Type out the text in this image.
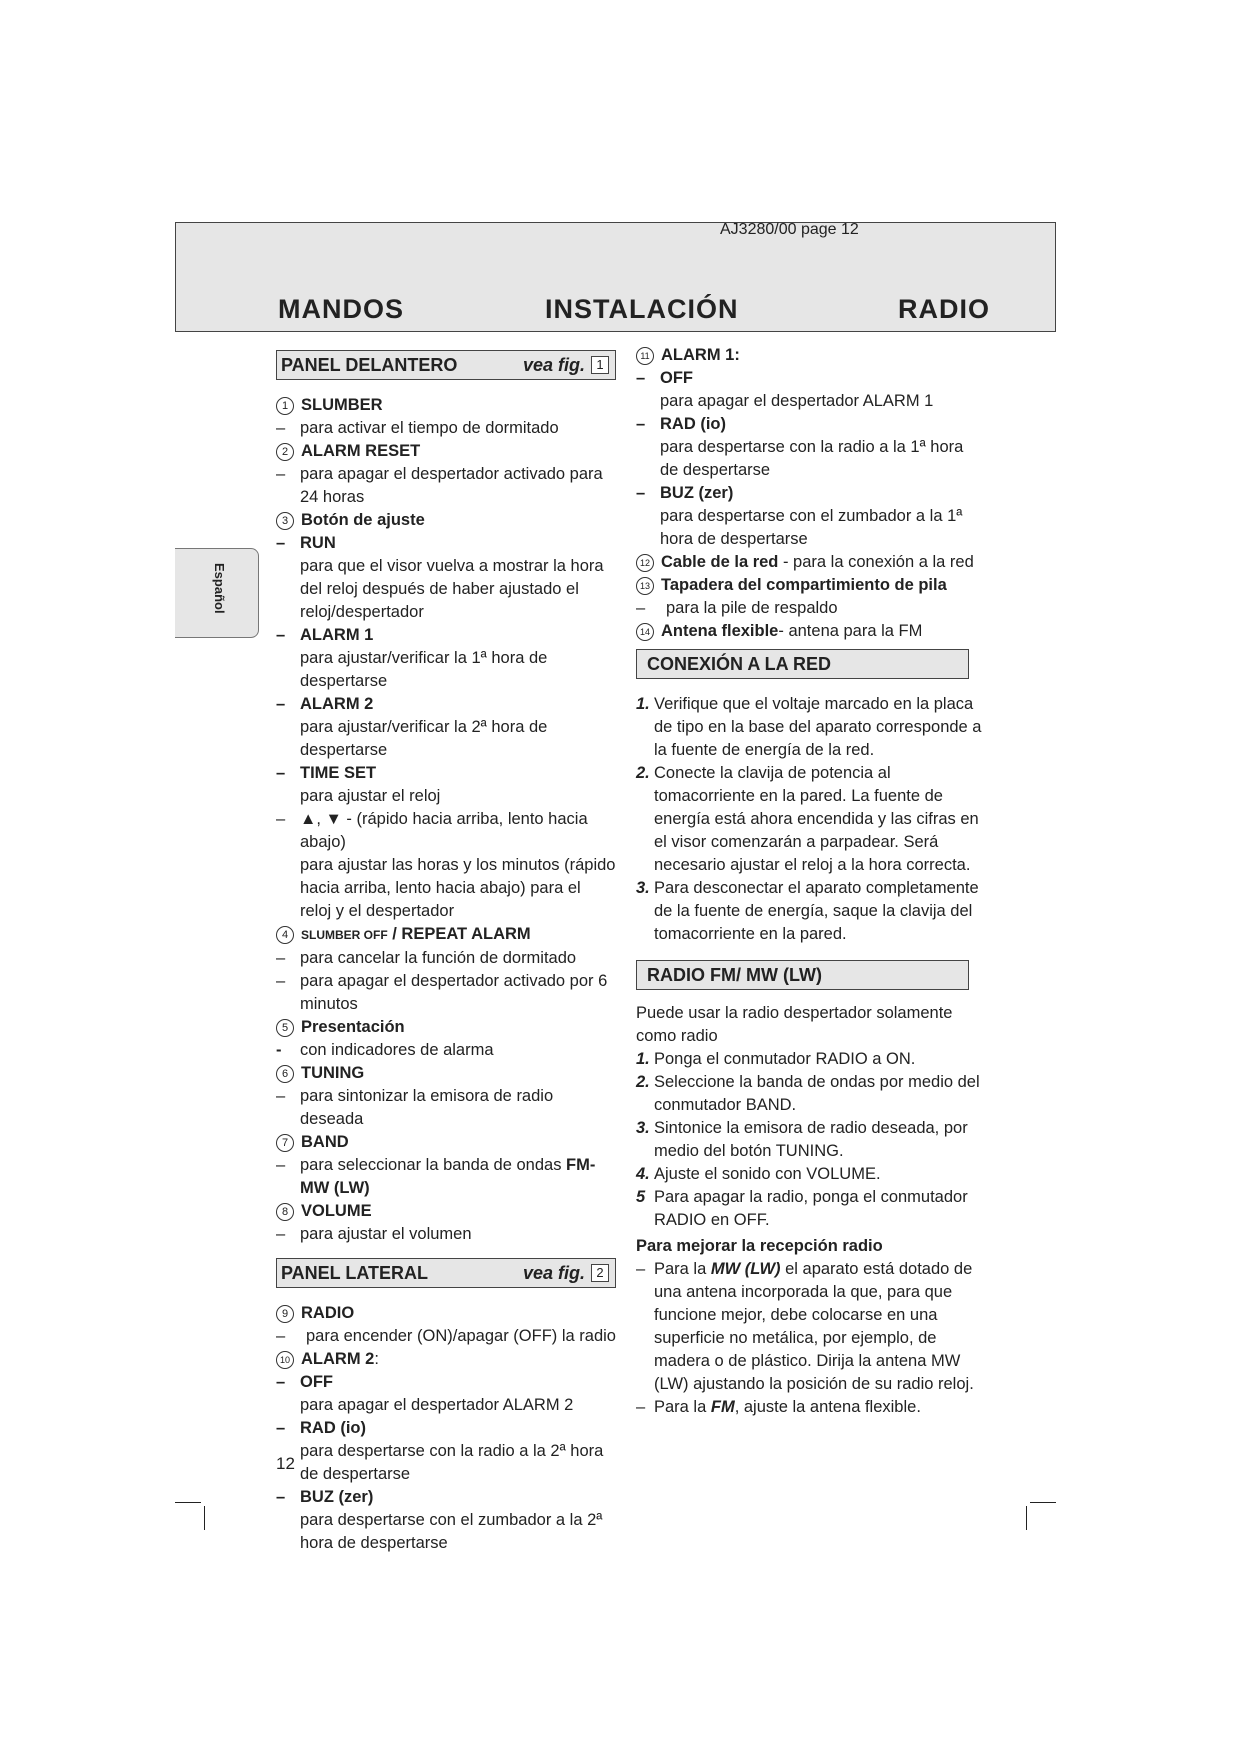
AJ3280/00 page 12
MANDOS	INSTALACIÓN	RADIO
Español
PANEL DELANTERO	vea fig. 1
1 SLUMBER
– para activar el tiempo de dormitado
2 ALARM RESET
– para apagar el despertador activado para 24 horas
3 Botón de ajuste
– RUN
para que el visor vuelva a mostrar la hora del reloj después de haber ajustado el reloj/despertador
– ALARM 1
para ajustar/verificar la 1ª hora de despertarse
– ALARM 2
para ajustar/verificar la 2ª hora de despertarse
– TIME SET
para ajustar el reloj
– ▲, ▼ - (rápido hacia arriba, lento hacia abajo)
para ajustar las horas y los minutos (rápido hacia arriba, lento hacia abajo) para el reloj y el despertador
4	SLUMBER OFF / REPEAT ALARM
– para cancelar la función de dormitado
– para apagar el despertador activado por 6 minutos
5 Presentación
- con indicadores de alarma
6 TUNING
– para sintonizar la emisora de radio deseada
7 BAND
– para seleccionar la banda de ondas FM-MW (LW)
8 VOLUME
– para ajustar el volumen
PANEL LATERAL	vea fig. 2
9 RADIO
– para encender (ON)/apagar (OFF) la radio
10 ALARM 2 :
– OFF
para apagar el despertador ALARM 2
– RAD (io)
para despertarse con la radio a la 2ª hora de despertarse
– BUZ (zer)
para despertarse con el zumbador a la 2ª hora de despertarse
12
11 ALARM 1:
– OFF
para apagar el despertador ALARM 1
– RAD (io)
para despertarse con la radio a la 1ª hora de despertarse
– BUZ (zer)
para despertarse con el zumbador a la 1ª hora de despertarse
12 Cable de la red - para la conexión a la red
13 Tapadera del compartimiento de pila
– para la pile de respaldo
14 Antena flexible- antena para la FM
CONEXIÓN A LA RED
1. Verifique que el voltaje marcado en la placa de tipo en la base del aparato corresponde a la fuente de energía de la red.
2. Conecte la clavija de potencia al tomacorriente en la pared. La fuente de energía está ahora encendida y las cifras en el visor comenzarán a parpadear. Será necesario ajustar el reloj a la hora correcta.
3. Para desconectar el aparato completamente de la fuente de energía, saque la clavija del tomacorriente en la pared.
RADIO FM/ MW (LW)
Puede usar la radio despertador solamente como radio
1. Ponga el conmutador RADIO a ON.
2. Seleccione la banda de ondas por medio del conmutador BAND.
3. Sintonice la emisora de radio deseada, por medio del botón TUNING.
4. Ajuste el sonido con VOLUME.
5 Para apagar la radio, ponga el conmutador RADIO en OFF.
Para mejorar la recepción radio
– Para la MW (LW) el aparato está dotado de una antena incorporada la que, para que funcione mejor, debe colocarse en una superficie no metálica, por ejemplo, de madera o de plástico. Dirija la antena MW (LW) ajustando la posición de su radio reloj.
– Para la FM, ajuste la antena flexible.
